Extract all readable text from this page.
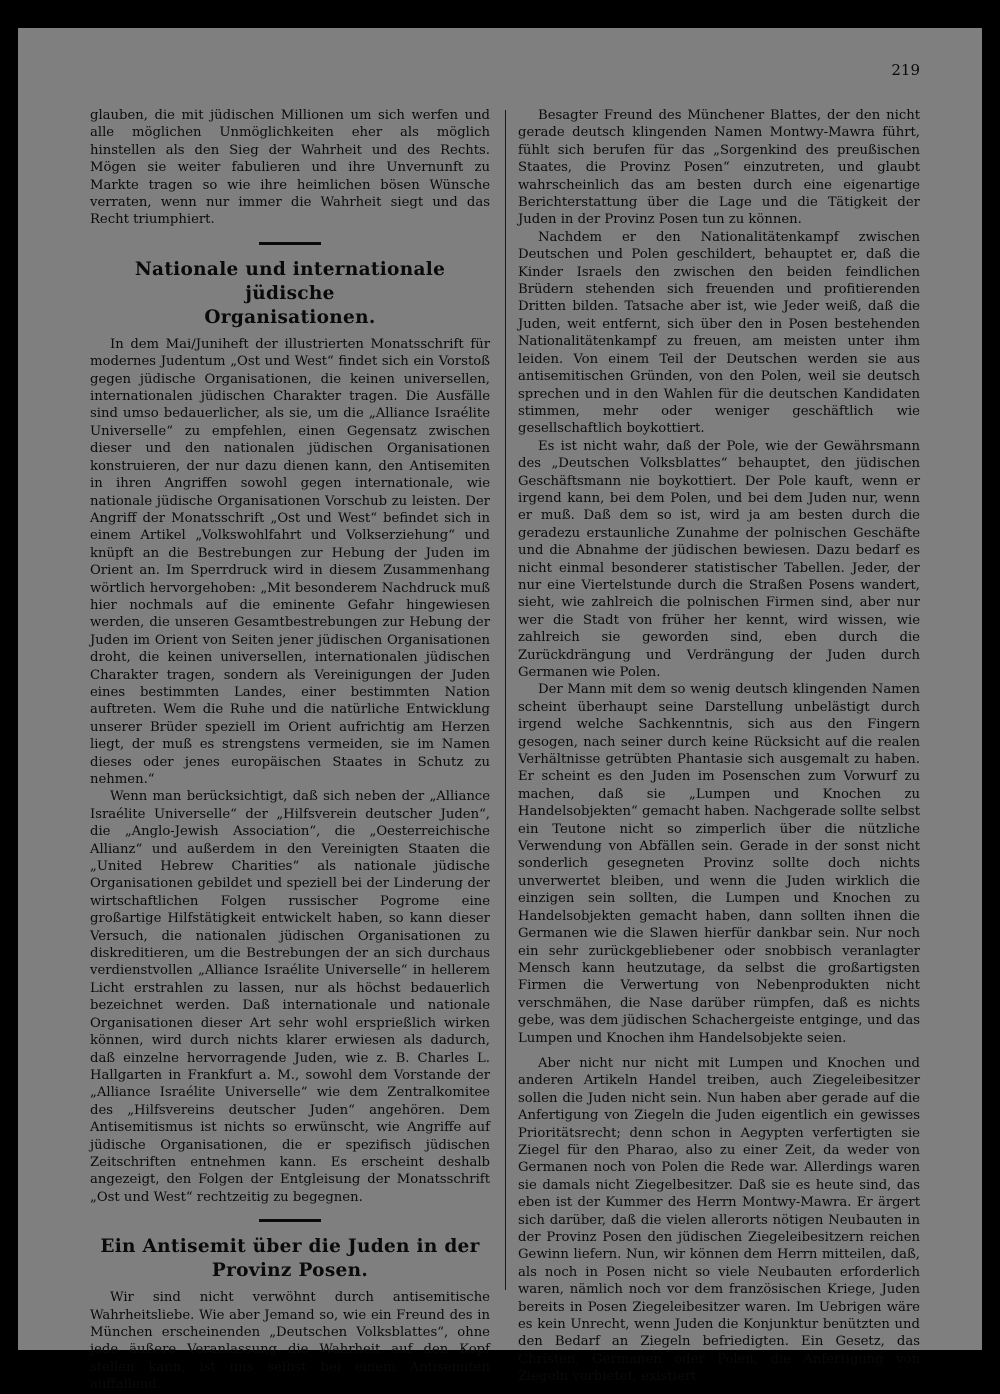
219

glauben, die mit jüdischen Millionen um sich werfen und alle möglichen Unmöglichkeiten eher als möglich hinstellen als den Sieg der Wahrheit und des Rechts. Mögen sie weiter fabulieren und ihre Unvernunft zu Markte tragen so wie ihre heimlichen bösen Wünsche verraten, wenn nur immer die Wahrheit siegt und das Recht triumphiert.

Nationale und internationale jüdische
Organisationen.

In dem Mai/Juniheft der illustrierten Monatsschrift für modernes Judentum „Ost und West“ findet sich ein Vorstoß gegen jüdische Organisationen, die keinen universellen, internationalen jüdischen Charakter tragen. Die Ausfälle sind umso bedauerlicher, als sie, um die „Alliance Israélite Universelle“ zu empfehlen, einen Gegensatz zwischen dieser und den nationalen jüdischen Organisationen konstruieren, der nur dazu dienen kann, den Antisemiten in ihren Angriffen sowohl gegen internationale, wie nationale jüdische Organisationen Vorschub zu leisten. Der Angriff der Monatsschrift „Ost und West“ befindet sich in einem Artikel „Volkswohlfahrt und Volkserziehung“ und knüpft an die Bestrebungen zur Hebung der Juden im Orient an. Im Sperrdruck wird in diesem Zusammenhang wörtlich hervorgehoben: „Mit besonderem Nachdruck muß hier nochmals auf die eminente Gefahr hingewiesen werden, die unseren Gesamtbestrebungen zur Hebung der Juden im Orient von Seiten jener jüdischen Organisationen droht, die keinen universellen, internationalen jüdischen Charakter tragen, sondern als Vereinigungen der Juden eines bestimmten Landes, einer bestimmten Nation auftreten. Wem die Ruhe und die natürliche Entwicklung unserer Brüder speziell im Orient aufrichtig am Herzen liegt, der muß es strengstens vermeiden, sie im Namen dieses oder jenes europäischen Staates in Schutz zu nehmen.“

Wenn man berücksichtigt, daß sich neben der „Alliance Israélite Universelle“ der „Hilfsverein deutscher Juden“, die „Anglo-Jewish Association“, die „Oesterreichische Allianz“ und außerdem in den Vereinigten Staaten die „United Hebrew Charities“ als nationale jüdische Organisationen gebildet und speziell bei der Linderung der wirtschaftlichen Folgen russischer Pogrome eine großartige Hilfstätigkeit entwickelt haben, so kann dieser Versuch, die nationalen jüdischen Organisationen zu diskreditieren, um die Bestrebungen der an sich durchaus verdienstvollen „Alliance Israélite Universelle“ in hellerem Licht erstrahlen zu lassen, nur als höchst bedauerlich bezeichnet werden. Daß internationale und nationale Organisationen dieser Art sehr wohl ersprießlich wirken können, wird durch nichts klarer erwiesen als dadurch, daß einzelne hervorragende Juden, wie z. B. Charles L. Hallgarten in Frankfurt a. M., sowohl dem Vorstande der „Alliance Israélite Universelle“ wie dem Zentralkomitee des „Hilfsvereins deutscher Juden“ angehören. Dem Antisemitismus ist nichts so erwünscht, wie Angriffe auf jüdische Organisationen, die er spezifisch jüdischen Zeitschriften entnehmen kann. Es erscheint deshalb angezeigt, den Folgen der Entgleisung der Monatsschrift „Ost und West“ rechtzeitig zu begegnen.

Ein Antisemit über die Juden in der
Provinz Posen.

Wir sind nicht verwöhnt durch antisemitische Wahrheitsliebe. Wie aber Jemand so, wie ein Freund des in München erscheinenden „Deutschen Volksblattes“, ohne jede äußere Veranlassung die Wahrheit auf den Kopf stellen kann, ist uns selbst bei einem Antisemiten auffallend.

Besagter Freund des Münchener Blattes, der den nicht gerade deutsch klingenden Namen Montwy-Mawra führt, fühlt sich berufen für das „Sorgenkind des preußischen Staates, die Provinz Posen“ einzutreten, und glaubt wahrscheinlich das am besten durch eine eigenartige Berichterstattung über die Lage und die Tätigkeit der Juden in der Provinz Posen tun zu können.

Nachdem er den Nationalitätenkampf zwischen Deutschen und Polen geschildert, behauptet er, daß die Kinder Israels den zwischen den beiden feindlichen Brüdern stehenden sich freuenden und profitierenden Dritten bilden. Tatsache aber ist, wie Jeder weiß, daß die Juden, weit entfernt, sich über den in Posen bestehenden Nationalitätenkampf zu freuen, am meisten unter ihm leiden. Von einem Teil der Deutschen werden sie aus antisemitischen Gründen, von den Polen, weil sie deutsch sprechen und in den Wahlen für die deutschen Kandidaten stimmen, mehr oder weniger geschäftlich wie gesellschaftlich boykottiert.

Es ist nicht wahr, daß der Pole, wie der Gewährsmann des „Deutschen Volksblattes“ behauptet, den jüdischen Geschäftsmann nie boykottiert. Der Pole kauft, wenn er irgend kann, bei dem Polen, und bei dem Juden nur, wenn er muß. Daß dem so ist, wird ja am besten durch die geradezu erstaunliche Zunahme der polnischen Geschäfte und die Abnahme der jüdischen bewiesen. Dazu bedarf es nicht einmal besonderer statistischer Tabellen. Jeder, der nur eine Viertelstunde durch die Straßen Posens wandert, sieht, wie zahlreich die polnischen Firmen sind, aber nur wer die Stadt von früher her kennt, wird wissen, wie zahlreich sie geworden sind, eben durch die Zurückdrängung und Verdrängung der Juden durch Germanen wie Polen.

Der Mann mit dem so wenig deutsch klingenden Namen scheint überhaupt seine Darstellung unbelästigt durch irgend welche Sachkenntnis, sich aus den Fingern gesogen, nach seiner durch keine Rücksicht auf die realen Verhältnisse getrübten Phantasie sich ausgemalt zu haben. Er scheint es den Juden im Posenschen zum Vorwurf zu machen, daß sie „Lumpen und Knochen zu Handelsobjekten“ gemacht haben. Nachgerade sollte selbst ein Teutone nicht so zimperlich über die nützliche Verwendung von Abfällen sein. Gerade in der sonst nicht sonderlich gesegneten Provinz sollte doch nichts unverwertet bleiben, und wenn die Juden wirklich die einzigen sein sollten, die Lumpen und Knochen zu Handelsobjekten gemacht haben, dann sollten ihnen die Germanen wie die Slawen hierfür dankbar sein. Nur noch ein sehr zurückgebliebener oder snobbisch veranlagter Mensch kann heutzutage, da selbst die großartigsten Firmen die Verwertung von Nebenprodukten nicht verschmähen, die Nase darüber rümpfen, daß es nichts gebe, was dem jüdischen Schachergeiste entginge, und das Lumpen und Knochen ihm Handelsobjekte seien.

Aber nicht nur nicht mit Lumpen und Knochen und anderen Artikeln Handel treiben, auch Ziegeleibesitzer sollen die Juden nicht sein. Nun haben aber gerade auf die Anfertigung von Ziegeln die Juden eigentlich ein gewisses Prioritätsrecht; denn schon in Aegypten verfertigten sie Ziegel für den Pharao, also zu einer Zeit, da weder von Germanen noch von Polen die Rede war. Allerdings waren sie damals nicht Ziegelbesitzer. Daß sie es heute sind, das eben ist der Kummer des Herrn Montwy-Mawra. Er ärgert sich darüber, daß die vielen allerorts nötigen Neubauten in der Provinz Posen den jüdischen Ziegeleibesitzern reichen Gewinn liefern. Nun, wir können dem Herrn mitteilen, daß, als noch in Posen nicht so viele Neubauten erforderlich waren, nämlich noch vor dem französischen Kriege, Juden bereits in Posen Ziegeleibesitzer waren. Im Uebrigen wäre es kein Unrecht, wenn Juden die Konjunktur benützten und den Bedarf an Ziegeln befriedigten. Ein Gesetz, das Christen, Germanen oder Polen, die Anfertigung von Ziegeln verbietet, existiert
